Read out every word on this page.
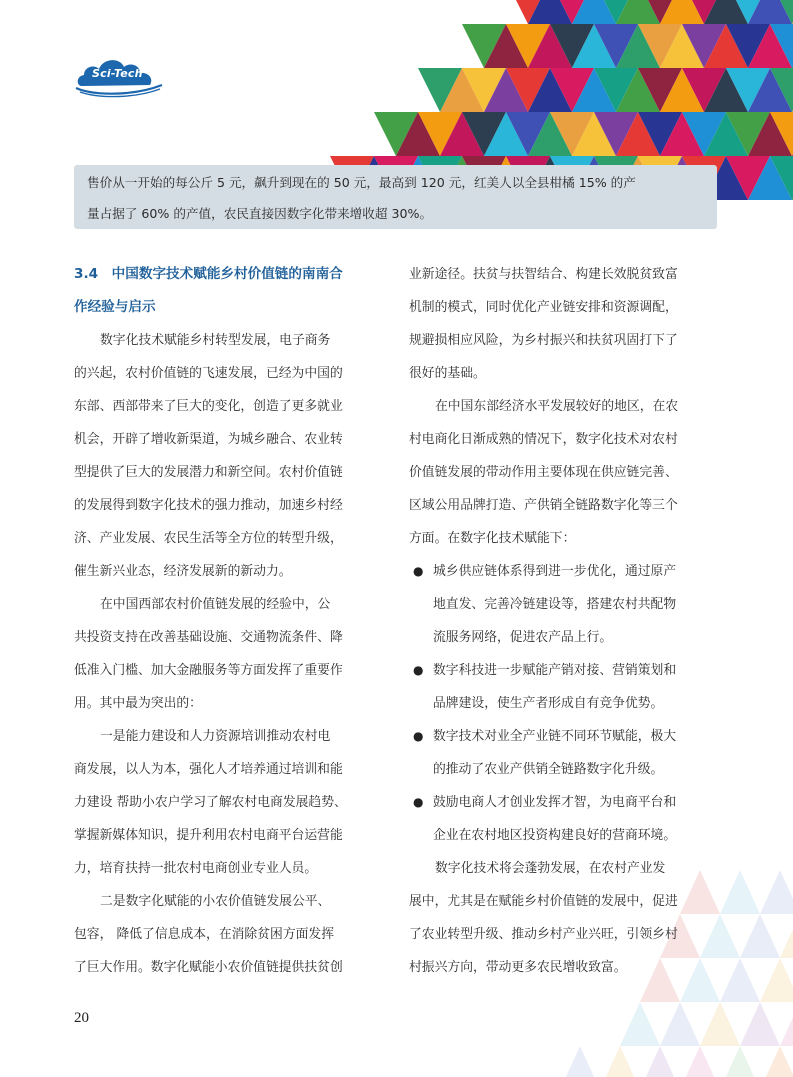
Sci-Tech

售价从一开始的每公斤 5 元，飙升到现在的 50 元，最高到 120 元，红美人以全县柑橘 15% 的产

量占据了 60% 的产值，农民直接因数字化带来增收超 30%。

3.4　中国数字技术赋能乡村价值链的南南合
作经验与启示
数字化技术赋能乡村转型发展，电子商务
的兴起，农村价值链的飞速发展，已经为中国的
东部、西部带来了巨大的变化，创造了更多就业
机会，开辟了增收新渠道，为城乡融合、农业转
型提供了巨大的发展潜力和新空间。农村价值链
的发展得到数字化技术的强力推动，加速乡村经
济、产业发展、农民生活等全方位的转型升级，
催生新兴业态，经济发展新的新动力。
在中国西部农村价值链发展的经验中，公
共投资支持在改善基础设施、交通物流条件、降
低准入门槛、加大金融服务等方面发挥了重要作
用。其中最为突出的：
一是能力建设和人力资源培训推动农村电
商发展，以人为本，强化人才培养通过培训和能
力建设 帮助小农户学习了解农村电商发展趋势、
掌握新媒体知识，提升利用农村电商平台运营能
力，培育扶持一批农村电商创业专业人员。
二是数字化赋能的小农价值链发展公平、
包容， 降低了信息成本，在消除贫困方面发挥
了巨大作用。数字化赋能小农价值链提供扶贫创
业新途径。扶贫与扶智结合、构建长效脱贫致富
机制的模式，同时优化产业链安排和资源调配，
规避损相应风险，为乡村振兴和扶贫巩固打下了
很好的基础。
在中国东部经济水平发展较好的地区，在农
村电商化日渐成熟的情况下，数字化技术对农村
价值链发展的带动作用主要体现在供应链完善、
区域公用品牌打造、产供销全链路数字化等三个
方面。在数字化技术赋能下：
● 城乡供应链体系得到进一步优化，通过原产
地直发、完善冷链建设等，搭建农村共配物
流服务网络，促进农产品上行。
● 数字科技进一步赋能产销对接、营销策划和
品牌建设，使生产者形成自有竞争优势。
● 数字技术对业全产业链不同环节赋能，极大
的推动了农业产供销全链路数字化升级。
● 鼓励电商人才创业发挥才智，为电商平台和
企业在农村地区投资构建良好的营商环境。
数字化技术将会蓬勃发展，在农村产业发
展中，尤其是在赋能乡村价值链的发展中，促进
了农业转型升级、推动乡村产业兴旺，引领乡村
村振兴方向，带动更多农民增收致富。
20
